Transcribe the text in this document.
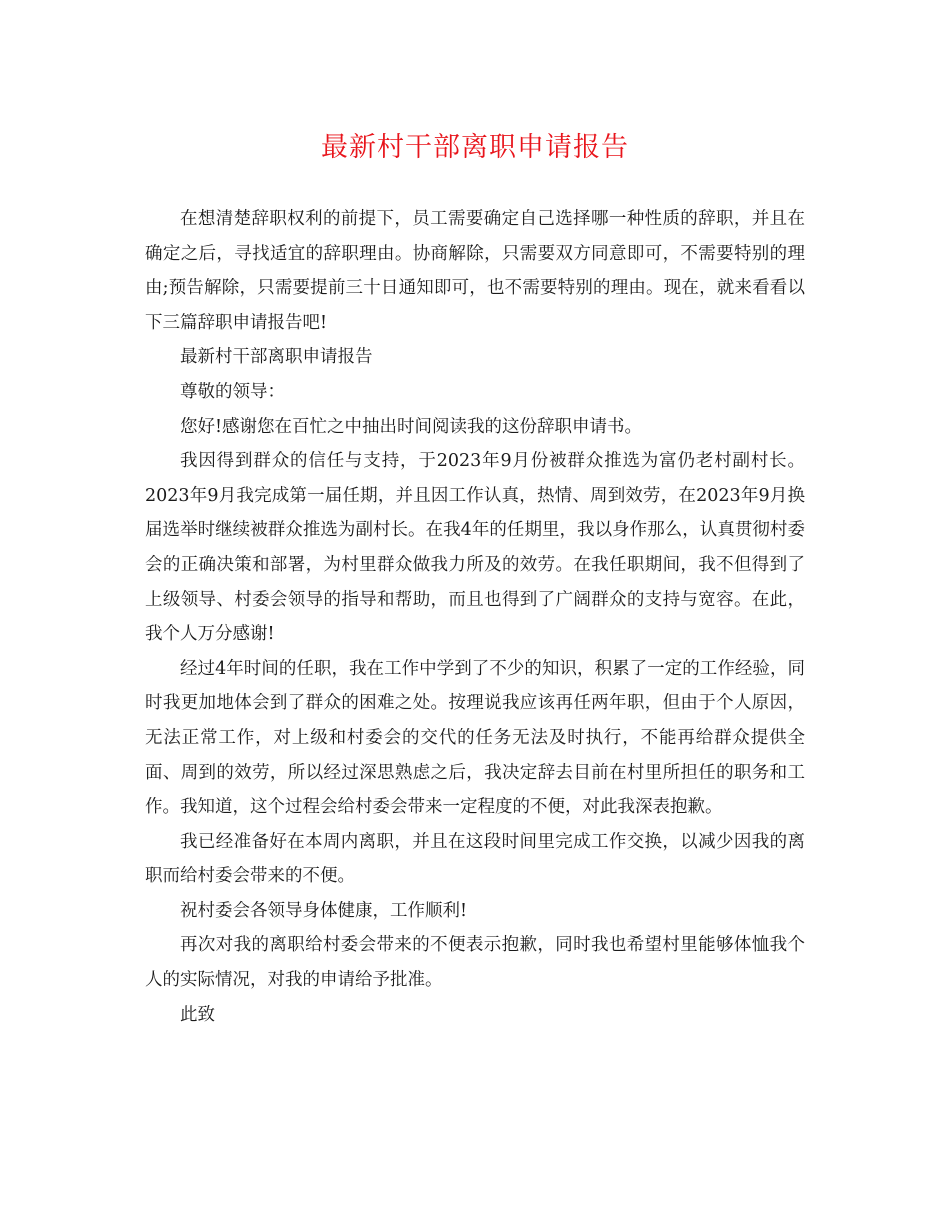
最新村干部离职申请报告

在想清楚辞职权利的前提下，员工需要确定自己选择哪一种性质的辞职，并且在确定之后，寻找适宜的辞职理由。协商解除，只需要双方同意即可，不需要特别的理由;预告解除，只需要提前三十日通知即可，也不需要特别的理由。现在，就来看看以下三篇辞职申请报告吧!

最新村干部离职申请报告

尊敬的领导：

您好!感谢您在百忙之中抽出时间阅读我的这份辞职申请书。

我因得到群众的信任与支持，于2023年9月份被群众推选为富仍老村副村长。2023年9月我完成第一届任期，并且因工作认真，热情、周到效劳，在2023年9月换届选举时继续被群众推选为副村长。在我4年的任期里，我以身作那么，认真贯彻村委会的正确决策和部署，为村里群众做我力所及的效劳。在我任职期间，我不但得到了上级领导、村委会领导的指导和帮助，而且也得到了广阔群众的支持与宽容。在此，我个人万分感谢!

经过4年时间的任职，我在工作中学到了不少的知识，积累了一定的工作经验，同时我更加地体会到了群众的困难之处。按理说我应该再任两年职，但由于个人原因，无法正常工作，对上级和村委会的交代的任务无法及时执行，不能再给群众提供全面、周到的效劳，所以经过深思熟虑之后，我决定辞去目前在村里所担任的职务和工作。我知道，这个过程会给村委会带来一定程度的不便，对此我深表抱歉。

我已经准备好在本周内离职，并且在这段时间里完成工作交换，以减少因我的离职而给村委会带来的不便。

祝村委会各领导身体健康，工作顺利!

再次对我的离职给村委会带来的不便表示抱歉，同时我也希望村里能够体恤我个人的实际情况，对我的申请给予批准。

此致
